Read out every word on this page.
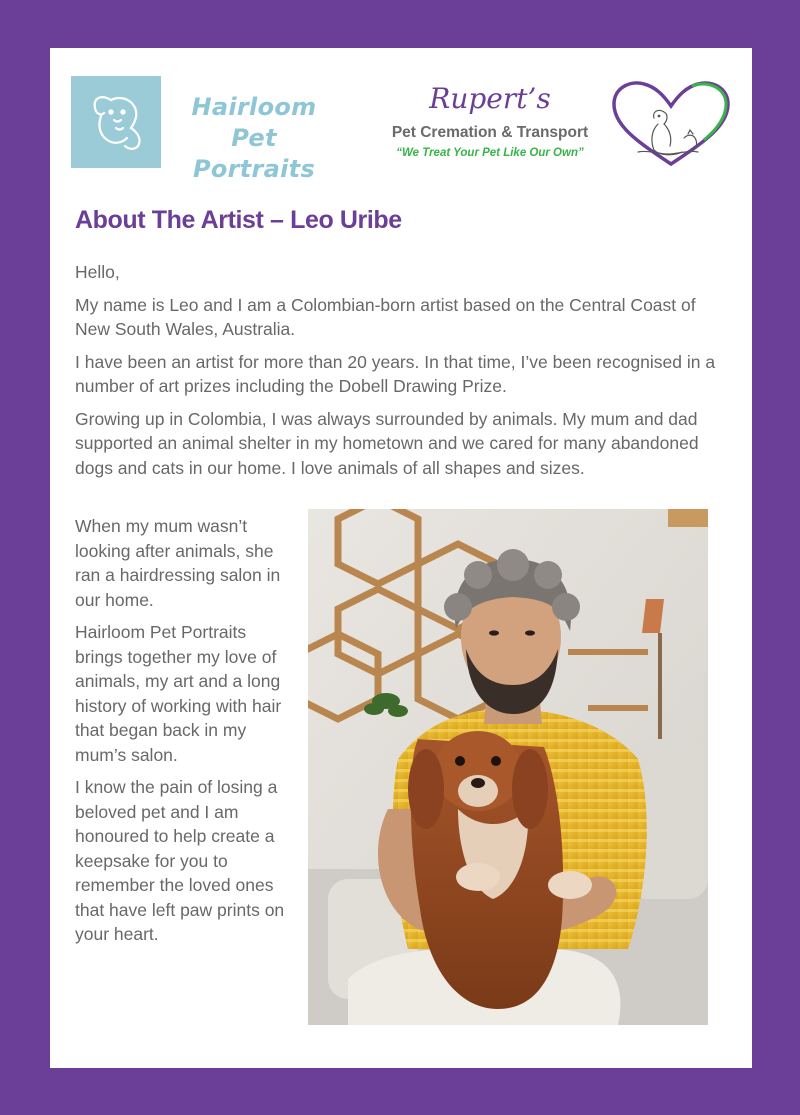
Hairloom
Pet Portraits
Rupert’s
Pet Cremation & Transport
“We Treat Your Pet Like Our Own”
About The Artist – Leo Uribe

Hello,

My name is Leo and I am a Colombian-born artist based on the Central Coast of New South Wales, Australia.

I have been an artist for more than 20 years. In that time, I’ve been recognised in a number of art prizes including the Dobell Drawing Prize.

Growing up in Colombia, I was always surrounded by animals. My mum and dad supported an animal shelter in my hometown and we cared for many abandoned dogs and cats in our home. I love animals of all shapes and sizes.

When my mum wasn’t looking after animals, she ran a hairdressing salon in our home.

Hairloom Pet Portraits brings together my love of animals, my art and a long history of working with hair that began back in my mum’s salon.

I know the pain of losing a beloved pet and I am honoured to help create a keepsake for you to remember the loved ones that have left paw prints on your heart.
